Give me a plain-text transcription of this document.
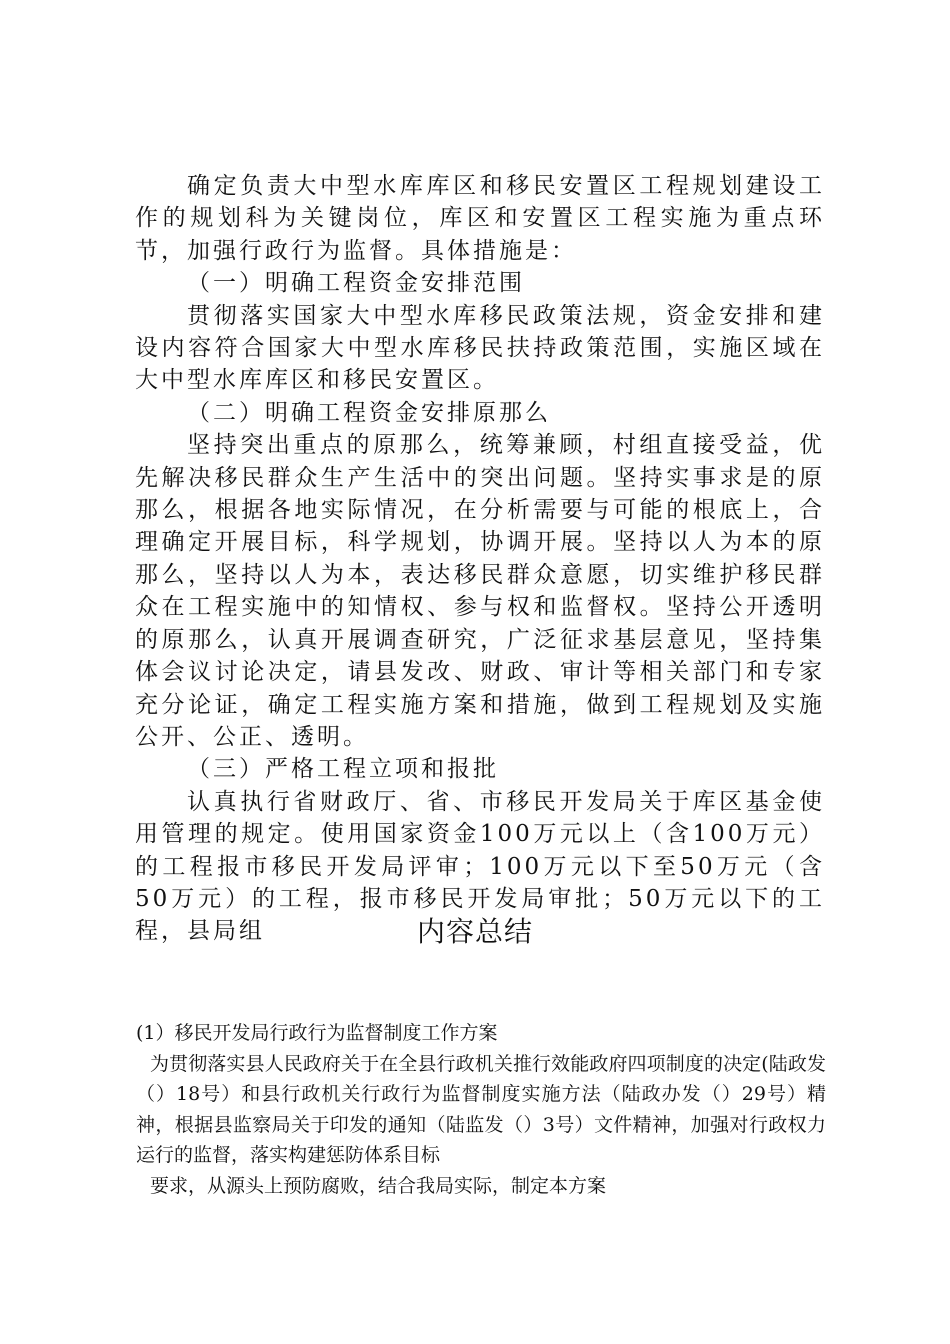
确定负责大中型水库库区和移民安置区工程规划建设工作的规划科为关键岗位，库区和安置区工程实施为重点环节，加强行政行为监督。具体措施是：

（一）明确工程资金安排范围

贯彻落实国家大中型水库移民政策法规，资金安排和建设内容符合国家大中型水库移民扶持政策范围，实施区域在大中型水库库区和移民安置区。

（二）明确工程资金安排原那么

坚持突出重点的原那么，统筹兼顾，村组直接受益，优先解决移民群众生产生活中的突出问题。坚持实事求是的原那么，根据各地实际情况，在分析需要与可能的根底上，合理确定开展目标，科学规划，协调开展。坚持以人为本的原那么，坚持以人为本，表达移民群众意愿，切实维护移民群众在工程实施中的知情权、参与权和监督权。坚持公开透明的原那么，认真开展调查研究，广泛征求基层意见，坚持集体会议讨论决定，请县发改、财政、审计等相关部门和专家充分论证，确定工程实施方案和措施，做到工程规划及实施公开、公正、透明。

（三）严格工程立项和报批

认真执行省财政厅、省、市移民开发局关于库区基金使用管理的规定。使用国家资金100万元以上（含100万元）的工程报市移民开发局评审；100万元以下至50万元（含50万元）的工程，报市移民开发局审批；50万元以下的工程，县局组	内容总结

(1）移民开发局行政行为监督制度工作方案

为贯彻落实县人民政府关于在全县行政机关推行效能政府四项制度的决定(陆政发（）18号）和县行政机关行政行为监督制度实施方法（陆政办发（）29号）精神，根据县监察局关于印发的通知（陆监发（）3号）文件精神，加强对行政权力运行的监督，落实构建惩防体系目标

要求，从源头上预防腐败，结合我局实际，制定本方案
